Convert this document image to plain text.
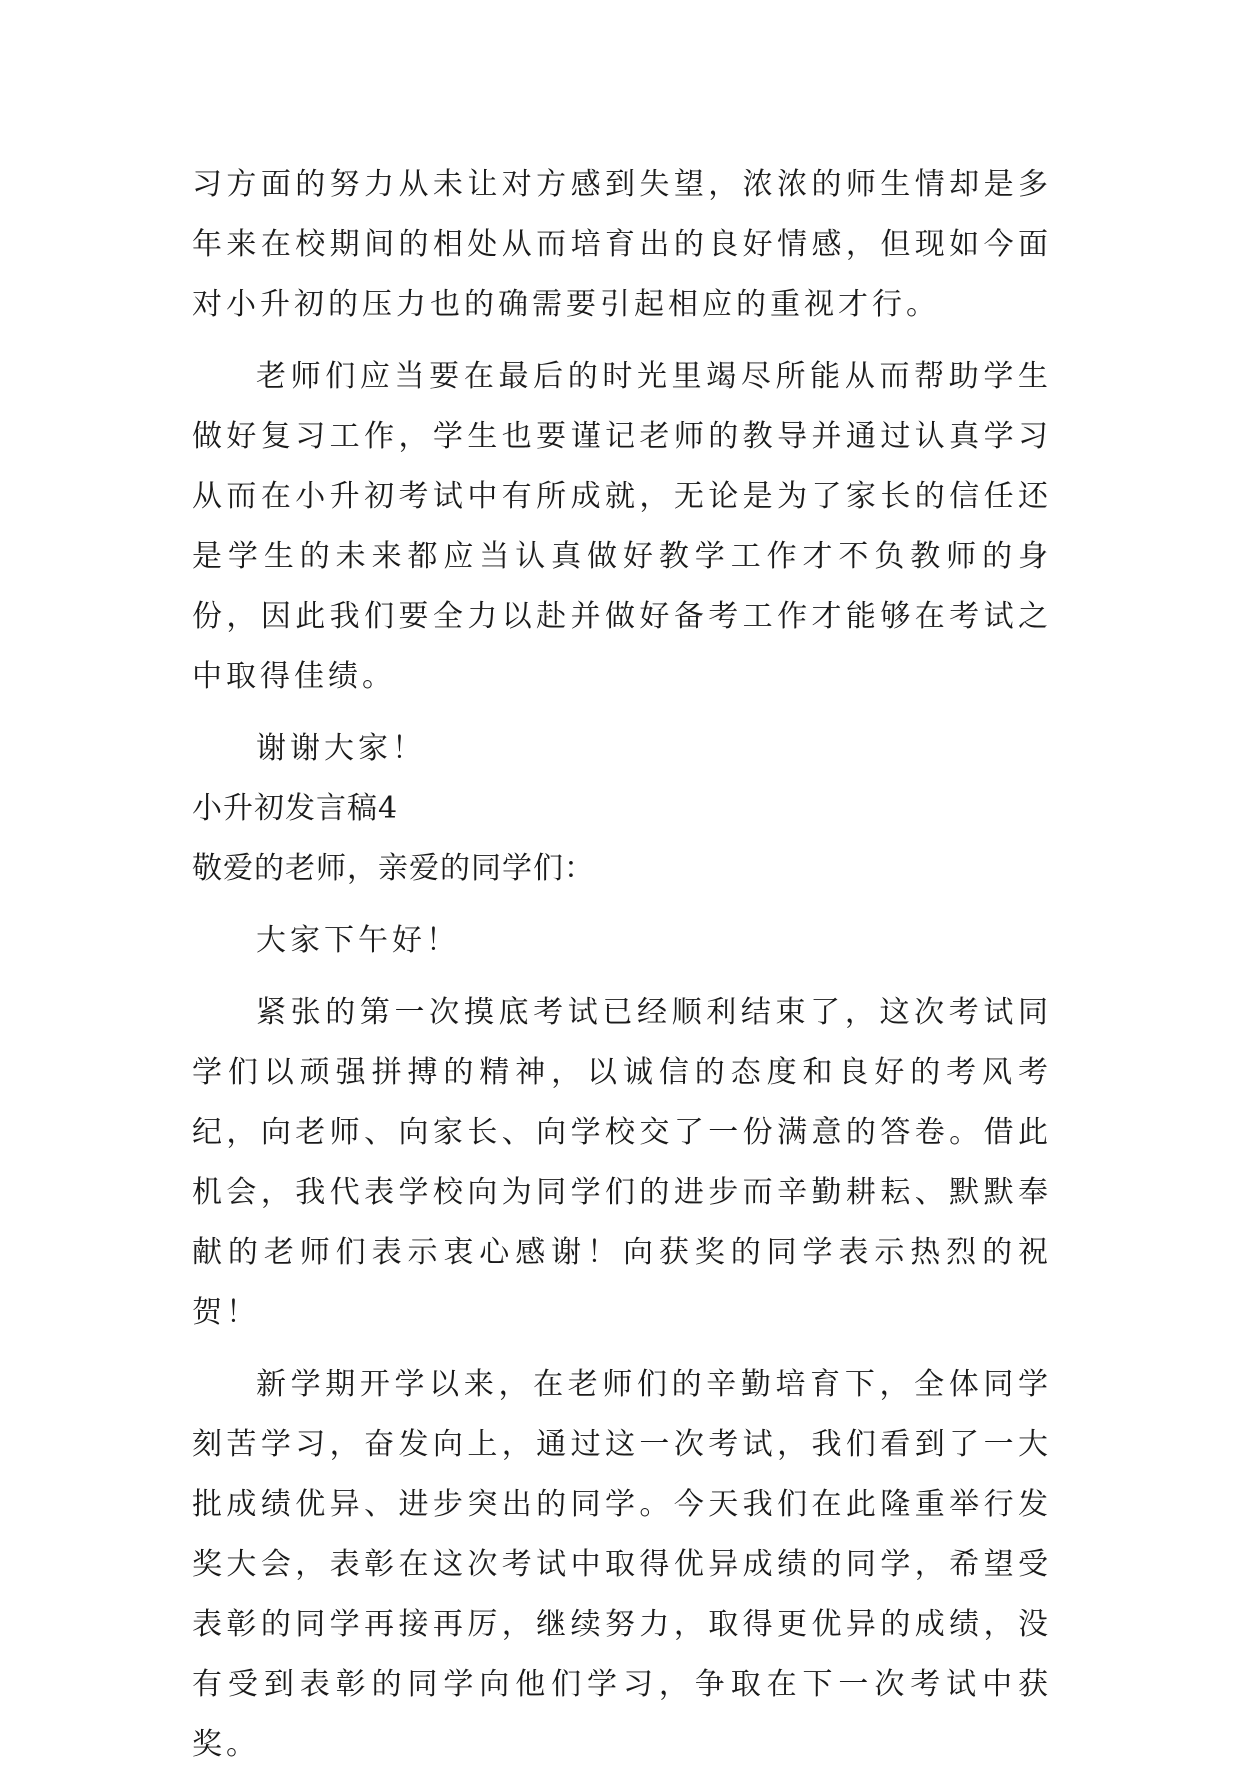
习方面的努力从未让对方感到失望，浓浓的师生情却是多年来在校期间的相处从而培育出的良好情感，但现如今面对小升初的压力也的确需要引起相应的重视才行。

老师们应当要在最后的时光里竭尽所能从而帮助学生做好复习工作，学生也要谨记老师的教导并通过认真学习从而在小升初考试中有所成就，无论是为了家长的信任还是学生的未来都应当认真做好教学工作才不负教师的身份，因此我们要全力以赴并做好备考工作才能够在考试之中取得佳绩。

谢谢大家！

小升初发言稿4

敬爱的老师，亲爱的同学们：

大家下午好！

紧张的第一次摸底考试已经顺利结束了，这次考试同学们以顽强拼搏的精神，以诚信的态度和良好的考风考纪，向老师、向家长、向学校交了一份满意的答卷。借此机会，我代表学校向为同学们的进步而辛勤耕耘、默默奉献的老师们表示衷心感谢！向获奖的同学表示热烈的祝贺！

新学期开学以来，在老师们的辛勤培育下，全体同学刻苦学习，奋发向上，通过这一次考试，我们看到了一大批成绩优异、进步突出的同学。今天我们在此隆重举行发奖大会，表彰在这次考试中取得优异成绩的同学，希望受表彰的同学再接再厉，继续努力，取得更优异的成绩，没有受到表彰的同学向他们学习，争取在下一次考试中获奖。
